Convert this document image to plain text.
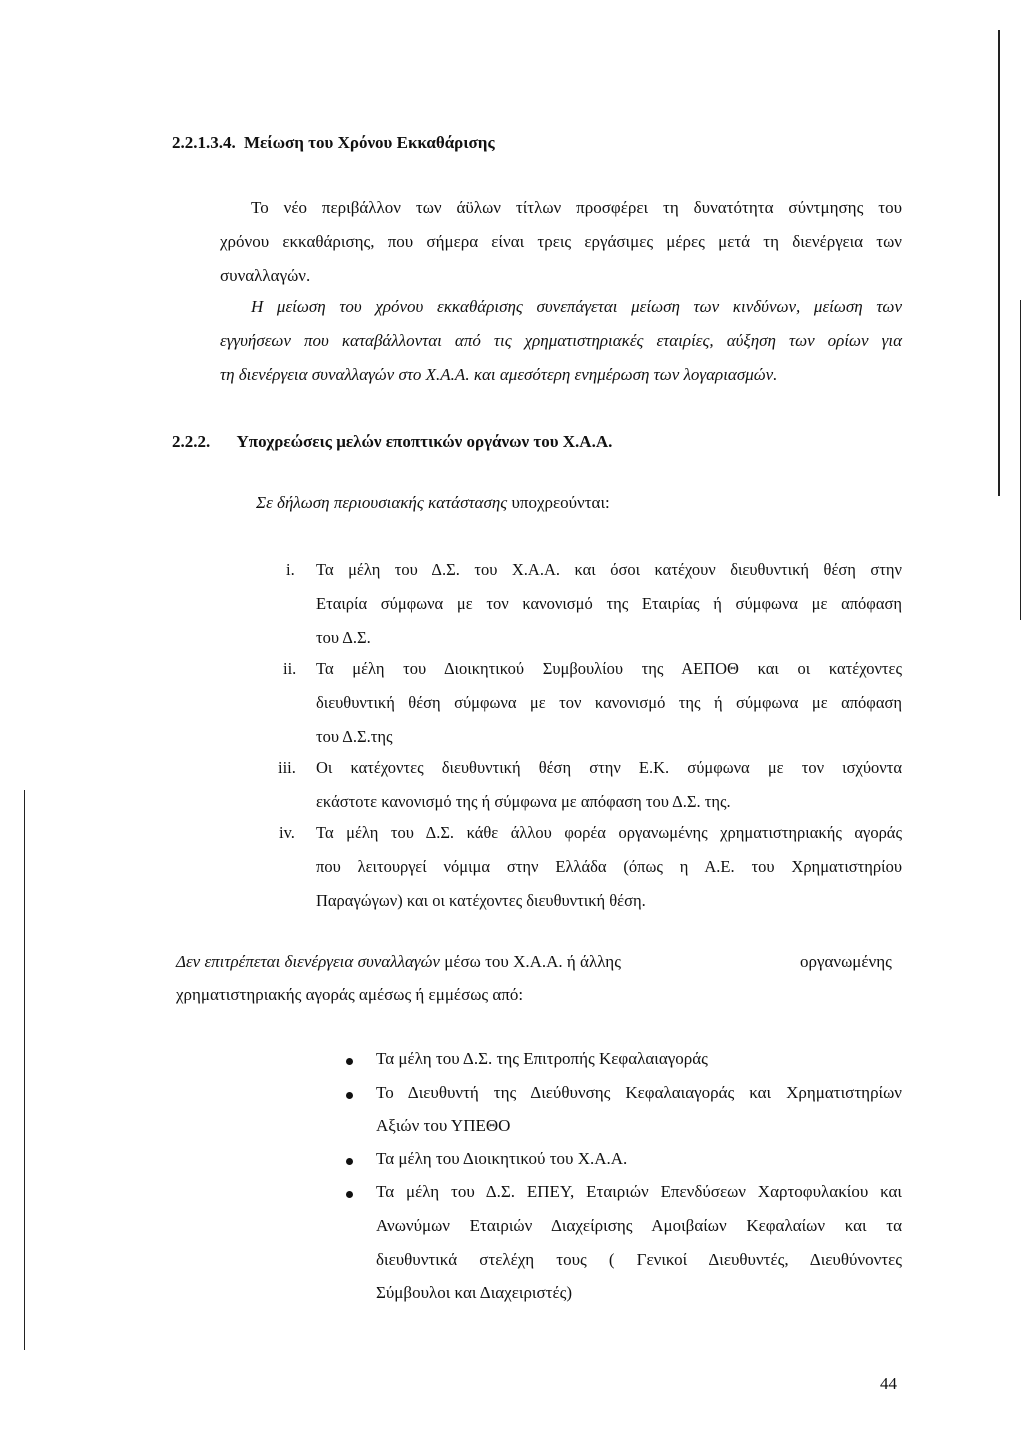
2.2.1.3.4. Μείωση του Χρόνου Εκκαθάρισης
Το νέο περιβάλλον των άϋλων τίτλων προσφέρει τη δυνατότητα σύντμησης του
χρόνου εκκαθάρισης, που σήμερα είναι τρεις εργάσιμες μέρες μετά τη διενέργεια των
συναλλαγών.
Η μείωση του χρόνου εκκαθάρισης συνεπάγεται μείωση των κινδύνων, μείωση των
εγγυήσεων που καταβάλλονται από τις χρηματιστηριακές εταιρίες, αύξηση των ορίων για
τη διενέργεια συναλλαγών στο Χ.Α.Α. και αμεσότερη ενημέρωση των λογαριασμών.
2.2.2. Υποχρεώσεις μελών εποπτικών οργάνων του Χ.Α.Α.
Σε δήλωση περιουσιακής κατάστασης υποχρεούνται:
i. Τα μέλη του Δ.Σ. του Χ.Α.Α. και όσοι κατέχουν διευθυντική θέση στην
Εταιρία σύμφωνα με τον κανονισμό της Εταιρίας ή σύμφωνα με απόφαση
του Δ.Σ.
ii. Τα μέλη του Διοικητικού Συμβουλίου της ΑΕΠΟΘ και οι κατέχοντες
διευθυντική θέση σύμφωνα με τον κανονισμό της ή σύμφωνα με απόφαση
του Δ.Σ.της
iii. Οι κατέχοντες διευθυντική θέση στην Ε.Κ. σύμφωνα με τον ισχύοντα
εκάστοτε κανονισμό της ή σύμφωνα με απόφαση του Δ.Σ. της.
iv. Τα μέλη του Δ.Σ. κάθε άλλου φορέα οργανωμένης χρηματιστηριακής αγοράς
που λειτουργεί νόμιμα στην Ελλάδα (όπως η Α.Ε. του Χρηματιστηρίου
Παραγώγων) και οι κατέχοντες διευθυντική θέση.
Δεν επιτρέπεται διενέργεια συναλλαγών μέσω του Χ.Α.Α. ή άλλης	οργανωμένης
χρηματιστηριακής αγοράς αμέσως ή εμμέσως από:
Τα μέλη του Δ.Σ. της Επιτροπής Κεφαλαιαγοράς
Το Διευθυντή της Διεύθυνσης Κεφαλαιαγοράς και Χρηματιστηρίων
Αξιών του ΥΠΕΘΟ
Τα μέλη του Διοικητικού του Χ.Α.Α.
Τα μέλη του Δ.Σ. ΕΠΕΥ, Εταιριών Επενδύσεων Χαρτοφυλακίου και
Ανωνύμων Εταιριών Διαχείρισης Αμοιβαίων Κεφαλαίων και τα
διευθυντικά στελέχη τους ( Γενικοί Διευθυντές, Διευθύνοντες
Σύμβουλοι και Διαχειριστές)
44
